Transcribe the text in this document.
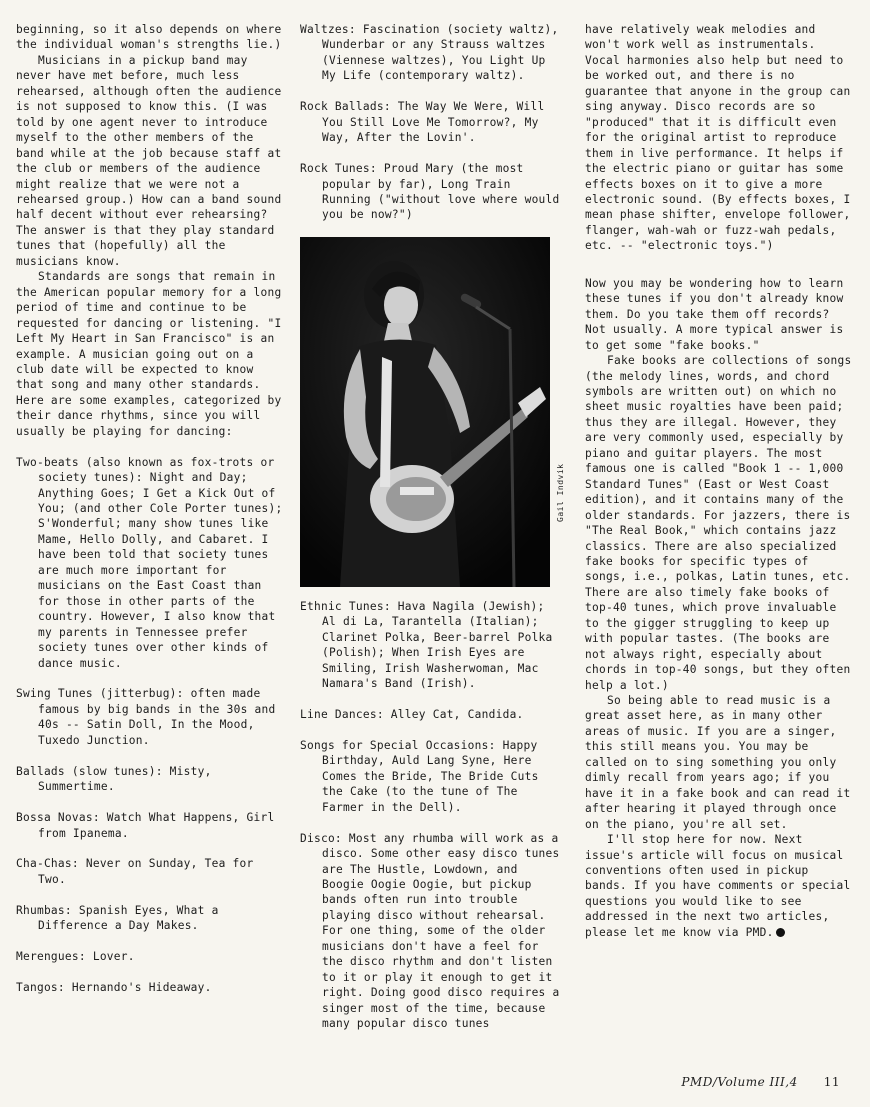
beginning, so it also depends on where the individual woman's strengths lie.)

Musicians in a pickup band may never have met before, much less rehearsed, although often the audience is not supposed to know this. (I was told by one agent never to introduce myself to the other members of the band while at the job because staff at the club or members of the audience might realize that we were not a rehearsed group.) How can a band sound half decent without ever rehearsing? The answer is that they play standard tunes that (hopefully) all the musicians know.

Standards are songs that remain in the American popular memory for a long period of time and continue to be requested for dancing or listening. "I Left My Heart in San Francisco" is an example. A musician going out on a club date will be expected to know that song and many other standards. Here are some examples, categorized by their dance rhythms, since you will usually be playing for dancing:

Two-beats (also known as fox-trots or society tunes): Night and Day; Anything Goes; I Get a Kick Out of You; (and other Cole Porter tunes); S'Wonderful; many show tunes like Mame, Hello Dolly, and Cabaret. I have been told that society tunes are much more important for musicians on the East Coast than for those in other parts of the country. However, I also know that my parents in Tennessee prefer society tunes over other kinds of dance music.

Swing Tunes (jitterbug): often made famous by big bands in the 30s and 40s -- Satin Doll, In the Mood, Tuxedo Junction.

Ballads (slow tunes): Misty, Summertime.

Bossa Novas: Watch What Happens, Girl from Ipanema.

Cha-Chas: Never on Sunday, Tea for Two.

Rhumbas: Spanish Eyes, What a Difference a Day Makes.

Merengues: Lover.

Tangos: Hernando's Hideaway.

Waltzes: Fascination (society waltz), Wunderbar or any Strauss waltzes (Viennese waltzes), You Light Up My Life (contemporary waltz).

Rock Ballads: The Way We Were, Will You Still Love Me Tomorrow?, My Way, After the Lovin'.

Rock Tunes: Proud Mary (the most popular by far), Long Train Running ("without love where would you be now?")

Gail Indvik

Ethnic Tunes: Hava Nagila (Jewish); Al di La, Tarantella (Italian); Clarinet Polka, Beer-barrel Polka (Polish); When Irish Eyes are Smiling, Irish Washerwoman, Mac Namara's Band (Irish).

Line Dances: Alley Cat, Candida.

Songs for Special Occasions: Happy Birthday, Auld Lang Syne, Here Comes the Bride, The Bride Cuts the Cake (to the tune of The Farmer in the Dell).

Disco: Most any rhumba will work as a disco. Some other easy disco tunes are The Hustle, Lowdown, and Boogie Oogie Oogie, but pickup bands often run into trouble playing disco without rehearsal. For one thing, some of the older musicians don't have a feel for the disco rhythm and don't listen to it or play it enough to get it right. Doing good disco requires a singer most of the time, because many popular disco tunes

have relatively weak melodies and won't work well as instrumentals. Vocal harmonies also help but need to be worked out, and there is no guarantee that anyone in the group can sing anyway. Disco records are so "produced" that it is difficult even for the original artist to reproduce them in live performance. It helps if the electric piano or guitar has some effects boxes on it to give a more electronic sound. (By effects boxes, I mean phase shifter, envelope follower, flanger, wah-wah or fuzz-wah pedals, etc. -- "electronic toys.")

Now you may be wondering how to learn these tunes if you don't already know them. Do you take them off records? Not usually. A more typical answer is to get some "fake books."

Fake books are collections of songs (the melody lines, words, and chord symbols are written out) on which no sheet music royalties have been paid; thus they are illegal. However, they are very commonly used, especially by piano and guitar players. The most famous one is called "Book 1 -- 1,000 Standard Tunes" (East or West Coast edition), and it contains many of the older standards. For jazzers, there is "The Real Book," which contains jazz classics. There are also specialized fake books for specific types of songs, i.e., polkas, Latin tunes, etc. There are also timely fake books of top-40 tunes, which prove invaluable to the gigger struggling to keep up with popular tastes. (The books are not always right, especially about chords in top-40 songs, but they often help a lot.)

So being able to read music is a great asset here, as in many other areas of music. If you are a singer, this still means you. You may be called on to sing something you only dimly recall from years ago; if you have it in a fake book and can read it after hearing it played through once on the piano, you're all set.

I'll stop here for now. Next issue's article will focus on musical conventions often used in pickup bands. If you have comments or special questions you would like to see addressed in the next two articles, please let me know via PMD.

PMD/Volume III,4 11
